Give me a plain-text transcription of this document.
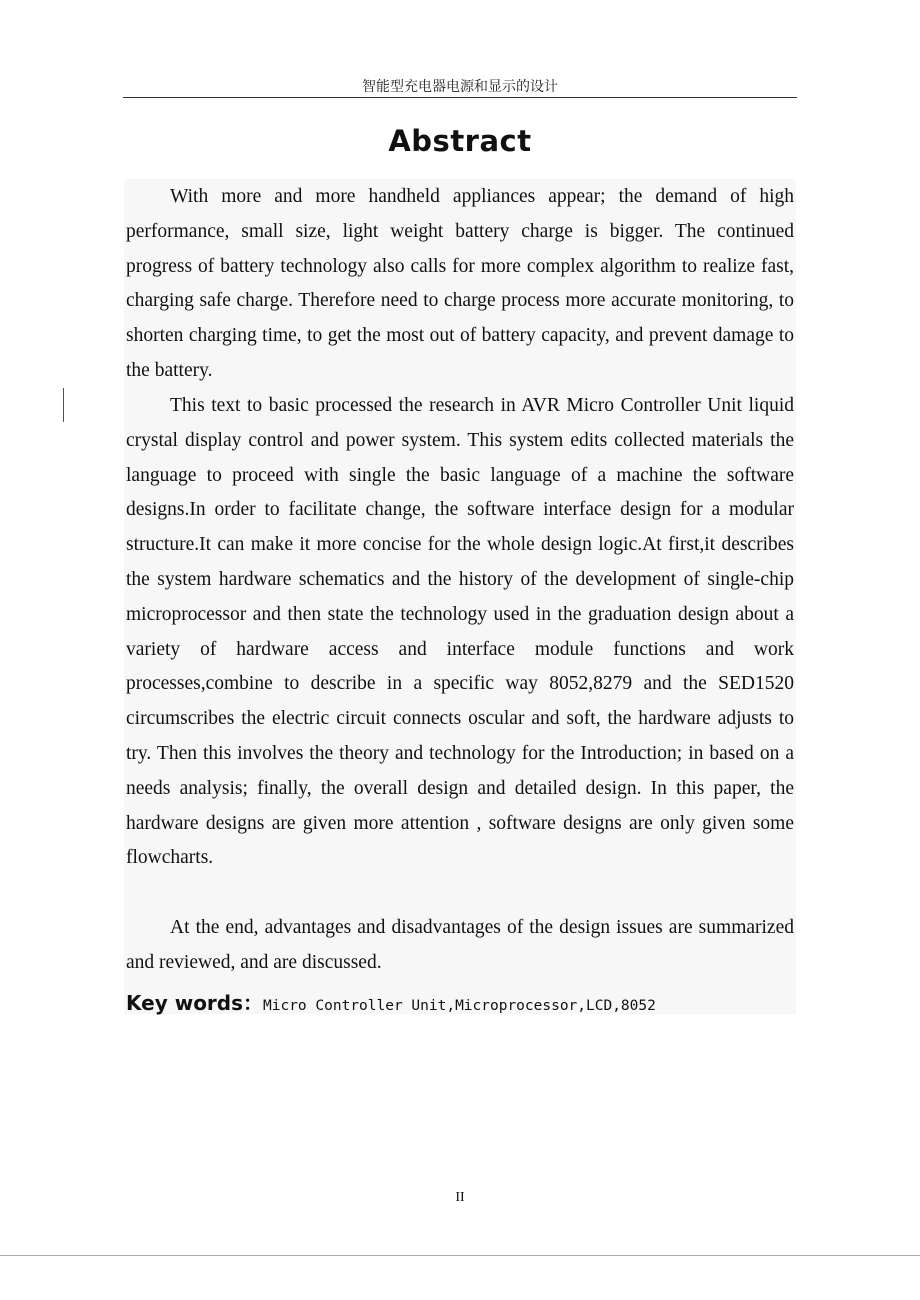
智能型充电器电源和显示的设计
Abstract

With more and more handheld appliances appear; the demand of high performance, small size, light weight battery charge is bigger. The continued progress of battery technology also calls for more complex algorithm to realize fast, charging safe charge. Therefore need to charge process more accurate monitoring, to shorten charging time, to get the most out of battery capacity, and prevent damage to the battery.

This text to basic processed the research in AVR Micro Controller Unit liquid crystal display control and power system. This system edits collected materials the language to proceed with single the basic language of a machine the software designs.In order to facilitate change, the software interface design for a modular structure.It can make it more concise for the whole design logic.At first,it describes the system hardware schematics and the history of the development of single-chip microprocessor and then state the technology used in the graduation design about a variety of hardware access and interface module functions and work processes,combine to describe in a specific way 8052,8279 and the SED1520 circumscribes the electric circuit connects oscular and soft, the hardware adjusts to try. Then this involves the theory and technology for the Introduction; in based on a needs analysis; finally, the overall design and detailed design. In this paper, the hardware designs are given more attention , software designs are only given some flowcharts.

At the end, advantages and disadvantages of the design issues are summarized and reviewed, and are discussed.

Key words：Micro Controller Unit,Microprocessor,LCD,8052
II
